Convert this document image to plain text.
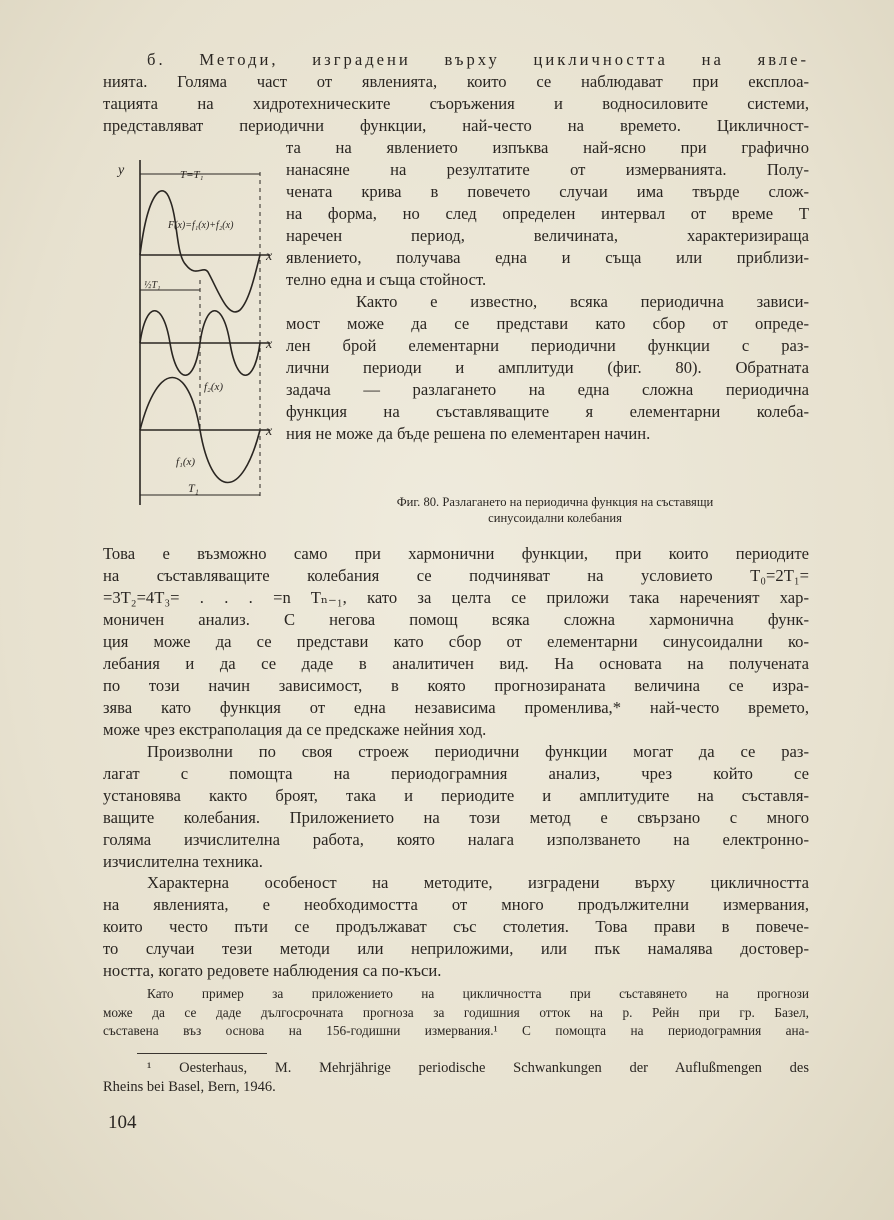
б. Методи, изградени върху цикличността на явле-
нията. Голяма част от явленията, които се наблюдават при експлоа-
тацията на хидротехническите съоръжения и водносиловите системи,
представляват периодични функции, най-често на времето. Цикличност-
та на явлението изпъква най-ясно при графично
нанасяне на резултатите от измерванията. Полу-
чената крива в повечето случаи има твърде слож-
на форма, но след определен интервал от време T
наречен период, величината, характеризираща
явлението, получава една и съща или приблизи-
телно една и съща стойност.
Както е известно, всяка периодична зависи-
мост може да се представи като сбор от опреде-
лен брой елементарни периодични функции с раз-
лични периоди и амплитуди (фиг. 80). Обратната
задача — разлагането на една сложна периодична
функция на съставляващите я елементарни колеба-
ния не може да бъде решена по елементарен начин.
y
x
x
x
T=T₁
F(x)=f₁(x)+f₂(x)
½T₁
f₂(x)
f₁(x)
T₁
Фиг. 80. Разлагането на периодична функция на съставящи
синусоидални колебания
Това е възможно само при хармонични функции, при които периодите
на съставляващите колебания се подчиняват на условието T₀=2T₁=
=3T₂=4T₃= . . . =n Tₙ₋₁, като за целта се приложи така нареченият хар-
моничен анализ. С негова помощ всяка сложна хармонична функ-
ция може да се представи като сбор от елементарни синусоидални ко-
лебания и да се даде в аналитичен вид. На основата на получената
по този начин зависимост, в която прогнозираната величина се изра-
зява като функция от една независима променлива,* най-често времето,
може чрез екстраполация да се предскаже нейния ход.
Произволни по своя строеж периодични функции могат да се раз-
лагат с помощта на периодограмния анализ, чрез който се
установява както броят, така и периодите и амплитудите на съставля-
ващите колебания. Приложението на този метод е свързано с много
голяма изчислителна работа, която налага използването на електронно-
изчислителна техника.
Характерна особеност на методите, изградени върху цикличността
на явленията, е необходимостта от много продължителни измервания,
които често пъти се продължават със столетия. Това прави в повече-
то случаи тези методи или неприложими, или пък намалява достовер-
ността, когато редовете наблюдения са по-къси.
Като пример за приложението на цикличността при съставянето на прогнози
може да се даде дългосрочната прогноза за годишния отток на р. Рейн при гр. Базел,
съставена въз основа на 156-годишни измервания.¹ С помощта на периодограмния ана-
¹ Oesterhaus, M. Mehrjährige periodische Schwankungen der Auflußmengen des
Rheins bei Basel, Bern, 1946.
104
